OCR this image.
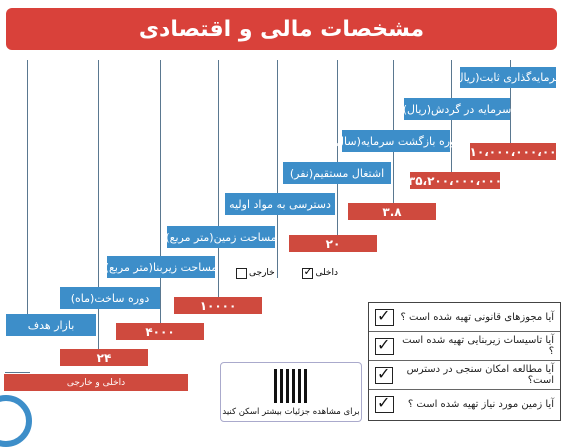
مشخصات مالی و اقتصادی
سرمایه‌گذاری ثابت(ریال)
سرمایه در گردش(ریال)
دوره بازگشت سرمایه(سال)
اشتغال مستقیم(نفر)
دسترسی به مواد اولیه
مساحت زمین(متر مربع)
مساحت زیربنا(متر مربع)
دوره ساخت(ماه)
بازار هدف
۲۱۰،۰۰۰،۰۰۰،۰۰۰
۳۵،۲۰۰،۰۰۰،۰۰۰
۳.۸
۲۰
۱۰۰۰۰
۴۰۰۰
۲۴
داخلی و خارجی
داخلی
✓
خارجی
برای مشاهده جزئیات بیشتر اسکن کنید
آیا مجوزهای قانونی تهیه شده است ؟
✓
آیا تاسیسات زیربنایی تهیه شده است ؟
✓
آیا مطالعه امکان سنجی در دسترس است؟
✓
آیا زمین مورد نیاز تهیه شده است ؟
✓
